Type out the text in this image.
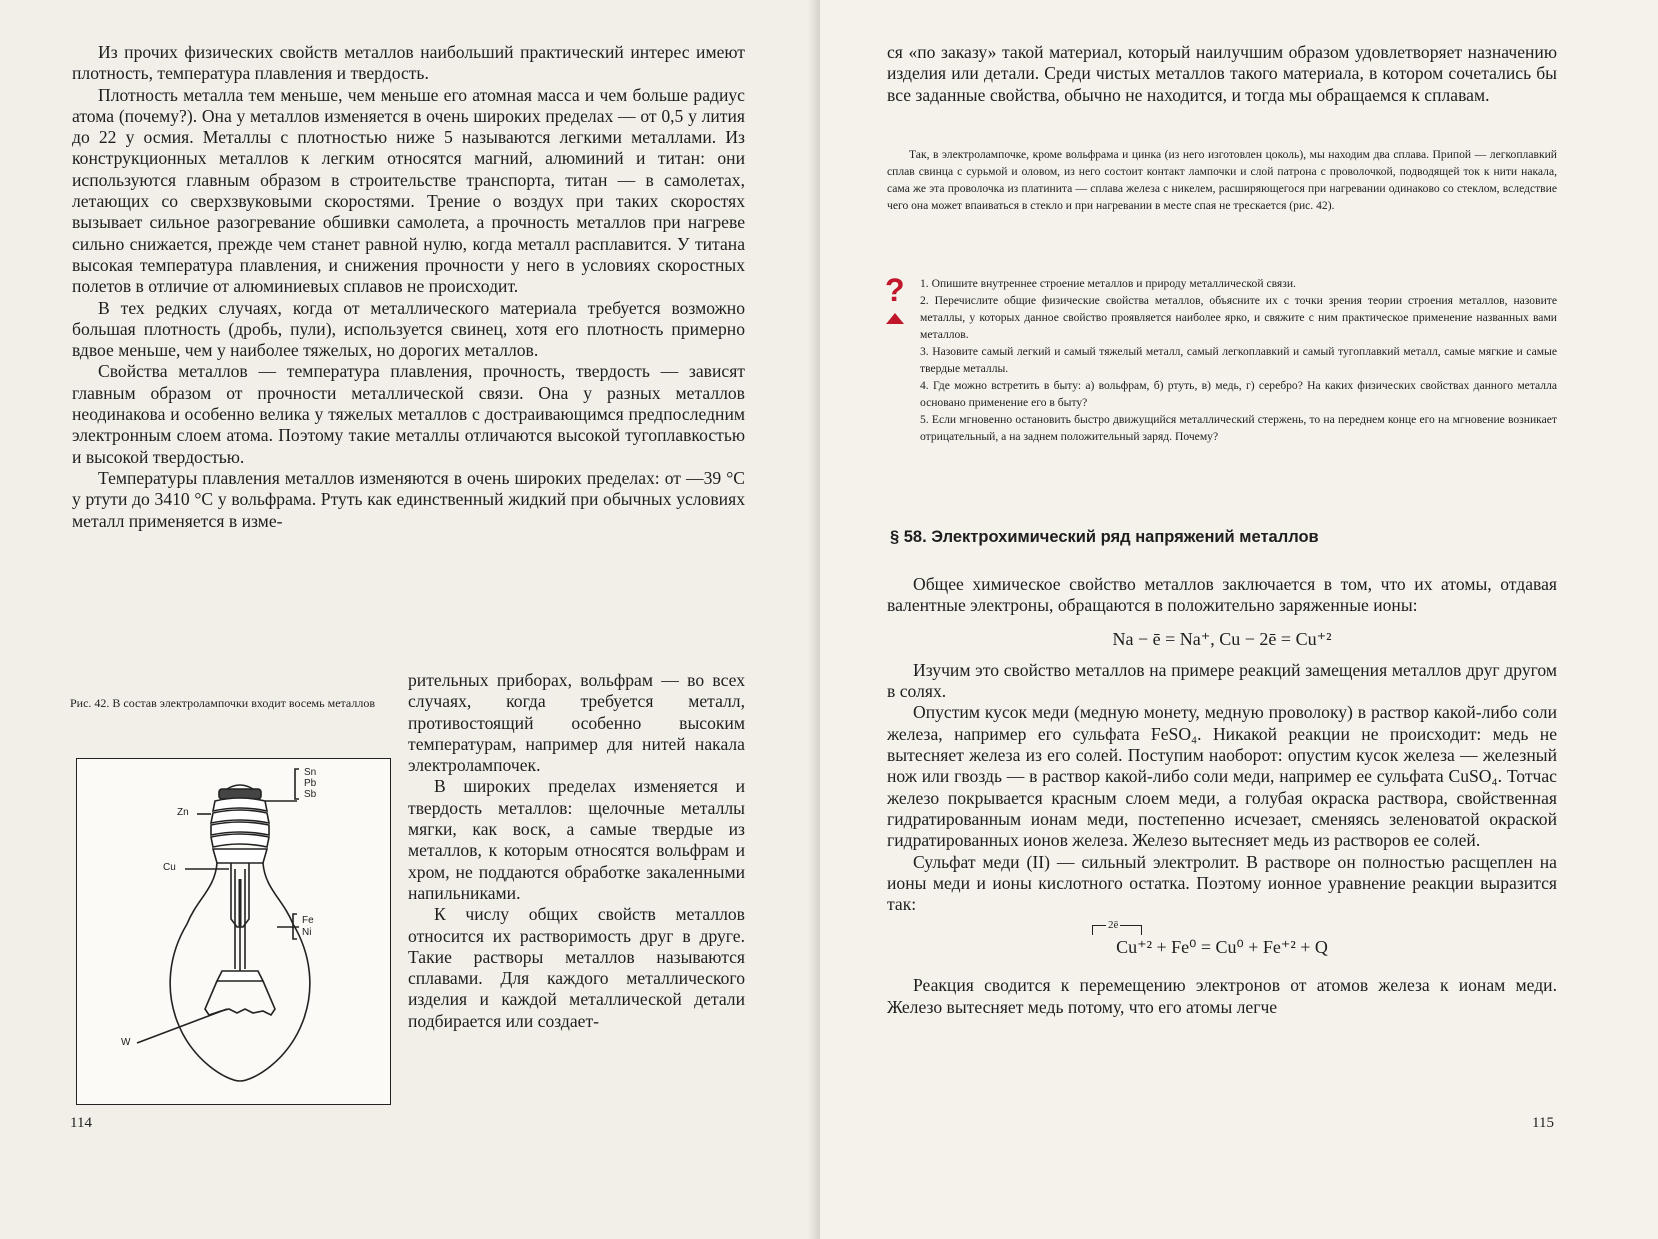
Из прочих физических свойств металлов наибольший практический интерес имеют плотность, температура плавления и твердость.

Плотность металла тем меньше, чем меньше его атомная масса и чем больше радиус атома (почему?). Она у металлов изменяется в очень широких пределах — от 0,5 у лития до 22 у осмия. Металлы с плотностью ниже 5 называются легкими металлами. Из конструкционных металлов к легким относятся магний, алюминий и титан: они используются главным образом в строительстве транспорта, титан — в самолетах, летающих со сверхзвуковыми скоростями. Трение о воздух при таких скоростях вызывает сильное разогревание обшивки самолета, а прочность металлов при нагреве сильно снижается, прежде чем станет равной нулю, когда металл расплавится. У титана высокая температура плавления, и снижения прочности у него в условиях скоростных полетов в отличие от алюминиевых сплавов не происходит.

В тех редких случаях, когда от металлического материала требуется возможно большая плотность (дробь, пули), используется свинец, хотя его плотность примерно вдвое меньше, чем у наиболее тяжелых, но дорогих металлов.

Свойства металлов — температура плавления, прочность, твердость — зависят главным образом от прочности металлической связи. Она у разных металлов неодинакова и особенно велика у тяжелых металлов с достраивающимся предпоследним электронным слоем атома. Поэтому такие металлы отличаются высокой тугоплавкостью и высокой твердостью.

Температуры плавления металлов изменяются в очень широких пределах: от —39 °С у ртути до 3410 °С у вольфрама. Ртуть как единственный жидкий при обычных условиях металл применяется в изме-

рительных приборах, вольфрам — во всех случаях, когда требуется металл, противостоящий особенно высоким температурам, например для нитей накала электролампочек.

В широких пределах изменяется и твердость металлов: щелочные металлы мягки, как воск, а самые твердые из металлов, к которым относятся вольфрам и хром, не поддаются обработке закаленными напильниками.

К числу общих свойств металлов относится их растворимость друг в друге. Такие растворы металлов называются сплавами. Для каждого металлического изделия и каждой металлической детали подбирается или создает-

Рис. 42. В состав электролампочки входит восемь металлов
Sn
Pb
Sb
Zn
Cu
Fe
Ni
W
114

ся «по заказу» такой материал, который наилучшим образом удовлетворяет назначению изделия или детали. Среди чистых металлов такого материала, в котором сочетались бы все заданные свойства, обычно не находится, и тогда мы обращаемся к сплавам.

Так, в электролампочке, кроме вольфрама и цинка (из него изготовлен цоколь), мы находим два сплава. Припой — легкоплавкий сплав свинца с сурьмой и оловом, из него состоит контакт лампочки и слой патрона с проволочкой, подводящей ток к нити накала, сама же эта проволочка из платинита — сплава железа с никелем, расширяющегося при нагревании одинаково со стеклом, вследствие чего она может впаиваться в стекло и при нагревании в месте спая не трескается (рис. 42).

? 1. Опишите внутреннее строение металлов и природу металлической связи.
2. Перечислите общие физические свойства металлов, объясните их с точки зрения теории строения металлов, назовите металлы, у которых данное свойство проявляется наиболее ярко, и свяжите с ним практическое применение названных вами металлов.
3. Назовите самый легкий и самый тяжелый металл, самый легкоплавкий и самый тугоплавкий металл, самые мягкие и самые твердые металлы.
4. Где можно встретить в быту: а) вольфрам, б) ртуть, в) медь, г) серебро? На каких физических свойствах данного металла основано применение его в быту?
5. Если мгновенно остановить быстро движущийся металлический стержень, то на переднем конце его на мгновение возникает отрицательный, а на заднем положительный заряд. Почему?
§ 58. Электрохимический ряд напряжений металлов

Общее химическое свойство металлов заключается в том, что их атомы, отдавая валентные электроны, обращаются в положительно заряженные ионы:

Na − ē = Na⁺, Cu − 2ē = Cu⁺²

Изучим это свойство металлов на примере реакций замещения металлов друг другом в солях.

Опустим кусок меди (медную монету, медную проволоку) в раствор какой-либо соли железа, например его сульфата FeSO₄. Никакой реакции не происходит: медь не вытесняет железа из его солей. Поступим наоборот: опустим кусок железа — железный нож или гвоздь — в раствор какой-либо соли меди, например ее сульфата CuSO₄. Тотчас железо покрывается красным слоем меди, а голубая окраска раствора, свойственная гидратированным ионам меди, постепенно исчезает, сменяясь зеленоватой окраской гидратированных ионов железа. Железо вытесняет медь из растворов ее солей.

Сульфат меди (II) — сильный электролит. В растворе он полностью расщеплен на ионы меди и ионы кислотного остатка. Поэтому ионное уравнение реакции выразится так:

2ē
Cu⁺² + Fe⁰ = Cu⁰ + Fe⁺² + Q

Реакция сводится к перемещению электронов от атомов железа к ионам меди. Железо вытесняет медь потому, что его атомы легче

115
